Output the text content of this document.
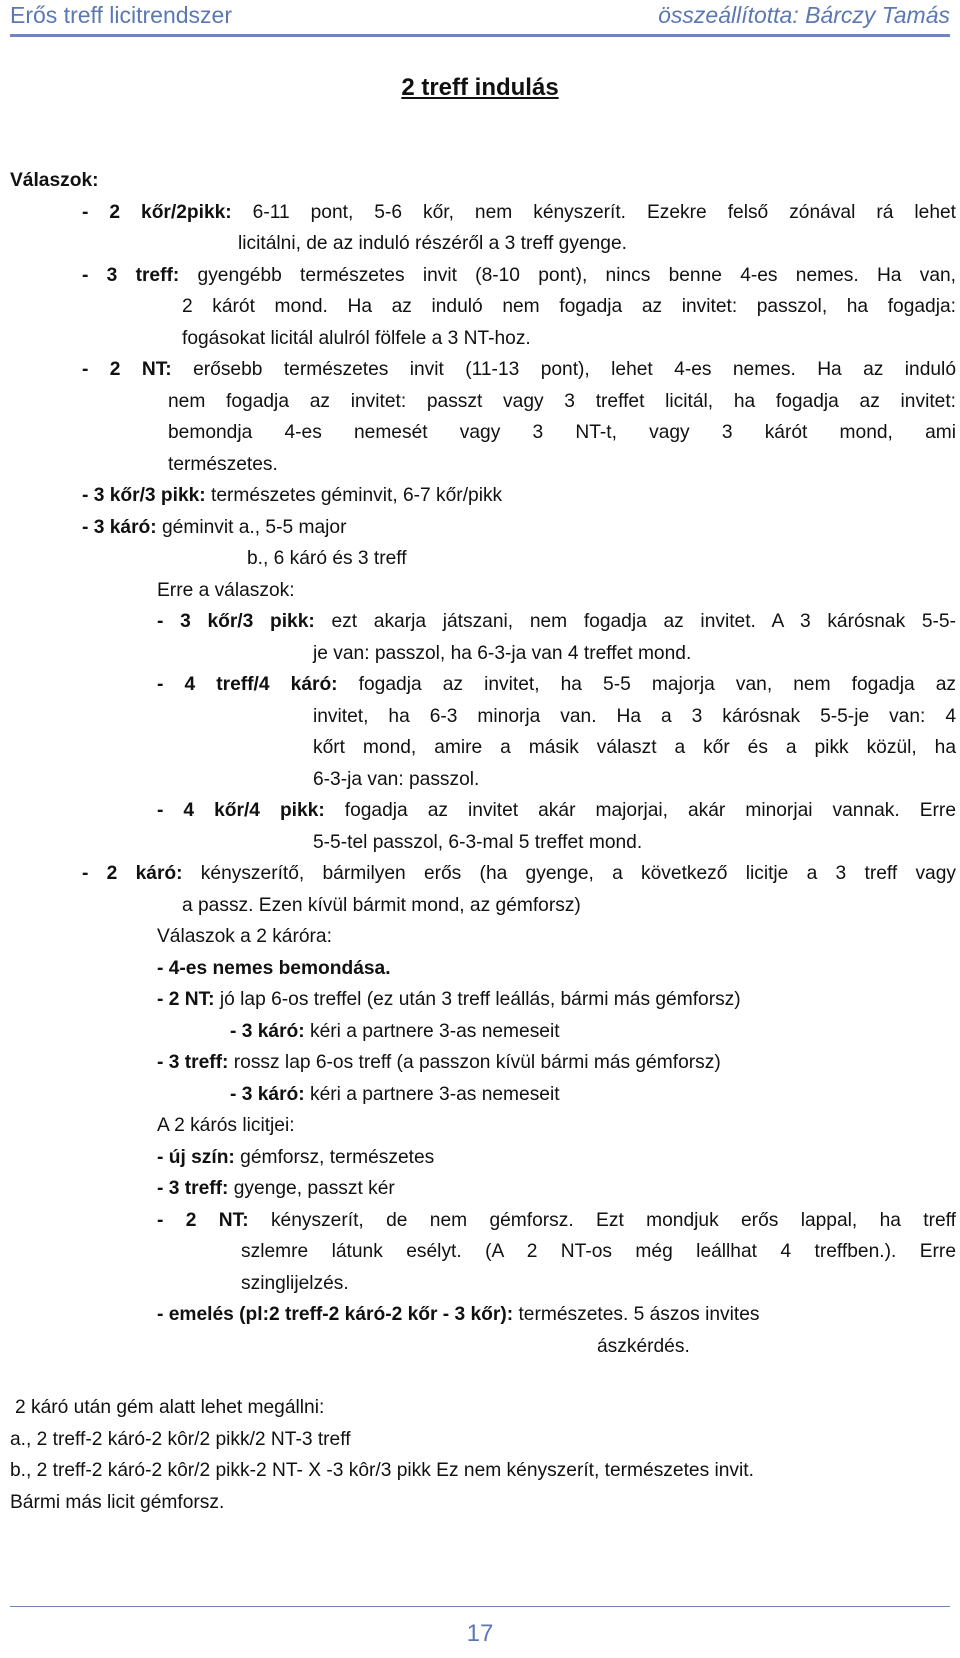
Erős treff licitrendszer	összeállította: Bárczy Tamás
2 treff indulás

Válaszok:

- 2 kőr/2pikk: 6-11 pont, 5-6 kőr, nem kényszerít. Ezekre felső zónával rá lehet

licitálni, de az induló részéről a 3 treff gyenge.

- 3 treff: gyengébb természetes invit (8-10 pont), nincs benne 4-es nemes. Ha van,

2 kárót mond. Ha az induló nem fogadja az invitet: passzol, ha fogadja:

fogásokat licitál alulról fölfele a 3 NT-hoz.

- 2 NT: erősebb természetes invit (11-13 pont), lehet 4-es nemes. Ha az induló

nem fogadja az invitet: passzt vagy 3 treffet licitál, ha fogadja az invitet:

bemondja 4-es nemesét vagy 3 NT-t, vagy 3 kárót mond, ami

természetes.

- 3 kőr/3 pikk: természetes géminvit, 6-7 kőr/pikk

- 3 káró: géminvit a., 5-5 major

b., 6 káró és 3 treff

Erre a válaszok:

- 3 kőr/3 pikk: ezt akarja játszani, nem fogadja az invitet. A 3 kárósnak 5-5-

je van: passzol, ha 6-3-ja van 4 treffet mond.

- 4 treff/4 káró: fogadja az invitet, ha 5-5 majorja van, nem fogadja az

invitet, ha 6-3 minorja van. Ha a 3 kárósnak 5-5-je van: 4

kőrt mond, amire a másik választ a kőr és a pikk közül, ha

6-3-ja van: passzol.

- 4 kőr/4 pikk: fogadja az invitet akár majorjai, akár minorjai vannak. Erre

5-5-tel passzol, 6-3-mal 5 treffet mond.

- 2 káró: kényszerítő, bármilyen erős (ha gyenge, a következő licitje a 3 treff vagy

a passz. Ezen kívül bármit mond, az gémforsz)

Válaszok a 2 káróra:

- 4-es nemes bemondása.

- 2 NT: jó lap 6-os treffel (ez után 3 treff leállás, bármi más gémforsz)

- 3 káró: kéri a partnere 3-as nemeseit

- 3 treff: rossz lap 6-os treff (a passzon kívül bármi más gémforsz)

- 3 káró: kéri a partnere 3-as nemeseit

A 2 kárós licitjei:

- új szín: gémforsz, természetes

- 3 treff: gyenge, passzt kér

- 2 NT: kényszerít, de nem gémforsz. Ezt mondjuk erős lappal, ha treff

szlemre látunk esélyt. (A 2 NT-os még leállhat 4 treffben.). Erre

szinglijelzés.

- emelés (pl:2 treff-2 káró-2 kőr - 3 kőr): természetes. 5 ászos invites

ászkérdés.

2 káró után gém alatt lehet megállni:

a., 2 treff-2 káró-2 kôr/2 pikk/2 NT-3 treff

b., 2 treff-2 káró-2 kôr/2 pikk-2 NT- X -3 kôr/3 pikk Ez nem kényszerít, természetes invit.

Bármi más licit gémforsz.

17
